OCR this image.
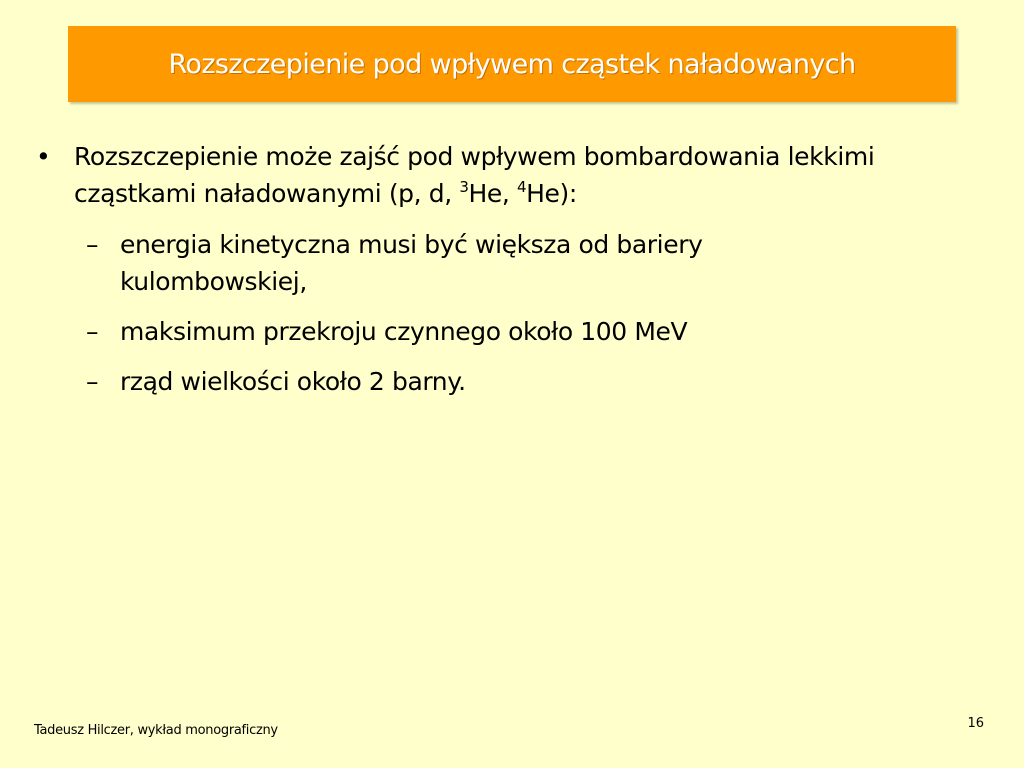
Rozszczepienie pod wpływem cząstek naładowanych
• Rozszczepienie może zajść pod wpływem bombardowania lekkimi cząstkami naładowanymi (p, d, $^3$He, $^4$He):
– energia kinetyczna musi być większa od bariery kulombowskiej,
– maksimum przekroju czynnego około 100 MeV
– rząd wielkości około 2 barny.
Tadeusz Hilczer, wykład monograficzny	16
